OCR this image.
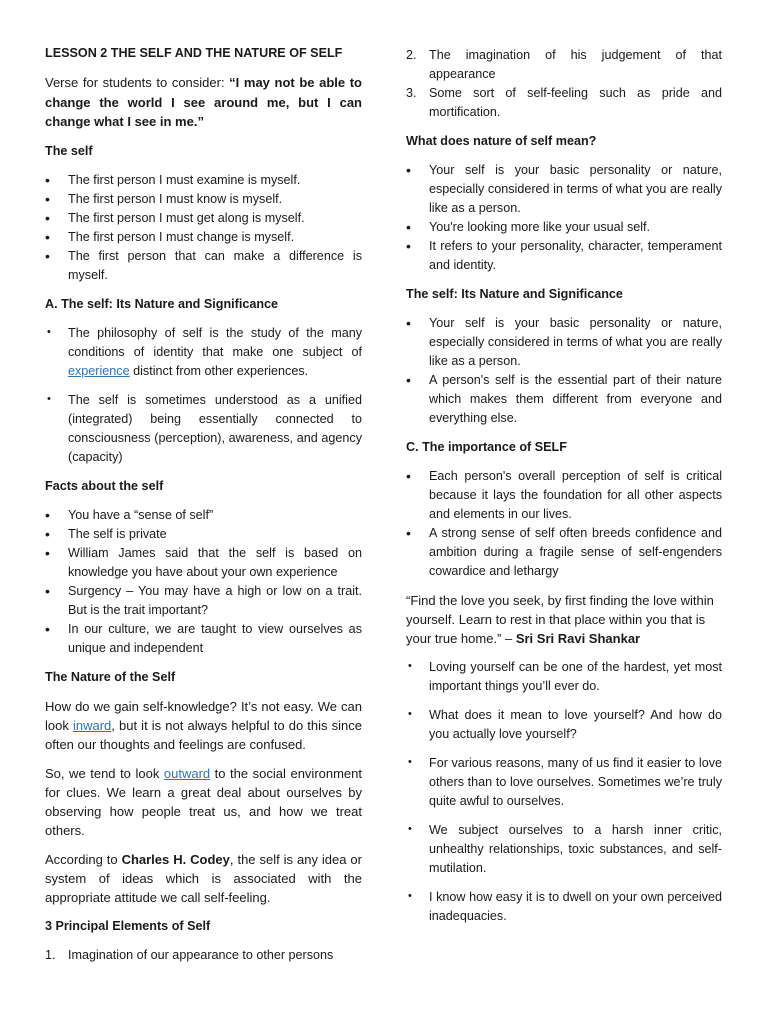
LESSON 2 THE SELF AND THE NATURE OF SELF

Verse for students to consider: “I may not be able to change the world I see around me, but I can change what I see in me.”

The self

• The first person I must examine is myself.
• The first person I must know is myself.
• The first person I must get along is myself.
• The first person I must change is myself.
• The first person that can make a difference is myself.

A. The self: Its Nature and Significance

• The philosophy of self is the study of the many conditions of identity that make one subject of experience distinct from other experiences.
• The self is sometimes understood as a unified (integrated) being essentially connected to consciousness (perception), awareness, and agency (capacity)

Facts about the self

• You have a “sense of self”
• The self is private
• William James said that the self is based on knowledge you have about your own experience
• Surgency – You may have a high or low on a trait. But is the trait important?
• In our culture, we are taught to view ourselves as unique and independent

The Nature of the Self

How do we gain self-knowledge? It’s not easy. We can look inward, but it is not always helpful to do this since often our thoughts and feelings are confused.

So, we tend to look outward to the social environment for clues. We learn a great deal about ourselves by observing how people treat us, and how we treat others.

According to Charles H. Codey, the self is any idea or system of ideas which is associated with the appropriate attitude we call self-feeling.

3 Principal Elements of Self

1. Imagination of our appearance to other persons
2. The imagination of his judgement of that appearance
3. Some sort of self-feeling such as pride and mortification.

What does nature of self mean?

• Your self is your basic personality or nature, especially considered in terms of what you are really like as a person.
• You're looking more like your usual self.
• It refers to your personality, character, temperament and identity.

The self: Its Nature and Significance

• Your self is your basic personality or nature, especially considered in terms of what you are really like as a person.
• A person's self is the essential part of their nature which makes them different from everyone and everything else.

C. The importance of SELF

• Each person's overall perception of self is critical because it lays the foundation for all other aspects and elements in our lives.
• A strong sense of self often breeds confidence and ambition during a fragile sense of self-engenders cowardice and lethargy

“Find the love you seek, by first finding the love within yourself. Learn to rest in that place within you that is your true home.” – Sri Sri Ravi Shankar

• Loving yourself can be one of the hardest, yet most important things you’ll ever do.
• What does it mean to love yourself? And how do you actually love yourself?
• For various reasons, many of us find it easier to love others than to love ourselves. Sometimes we’re truly quite awful to ourselves.
• We subject ourselves to a harsh inner critic, unhealthy relationships, toxic substances, and self-mutilation.
• I know how easy it is to dwell on your own perceived inadequacies.
